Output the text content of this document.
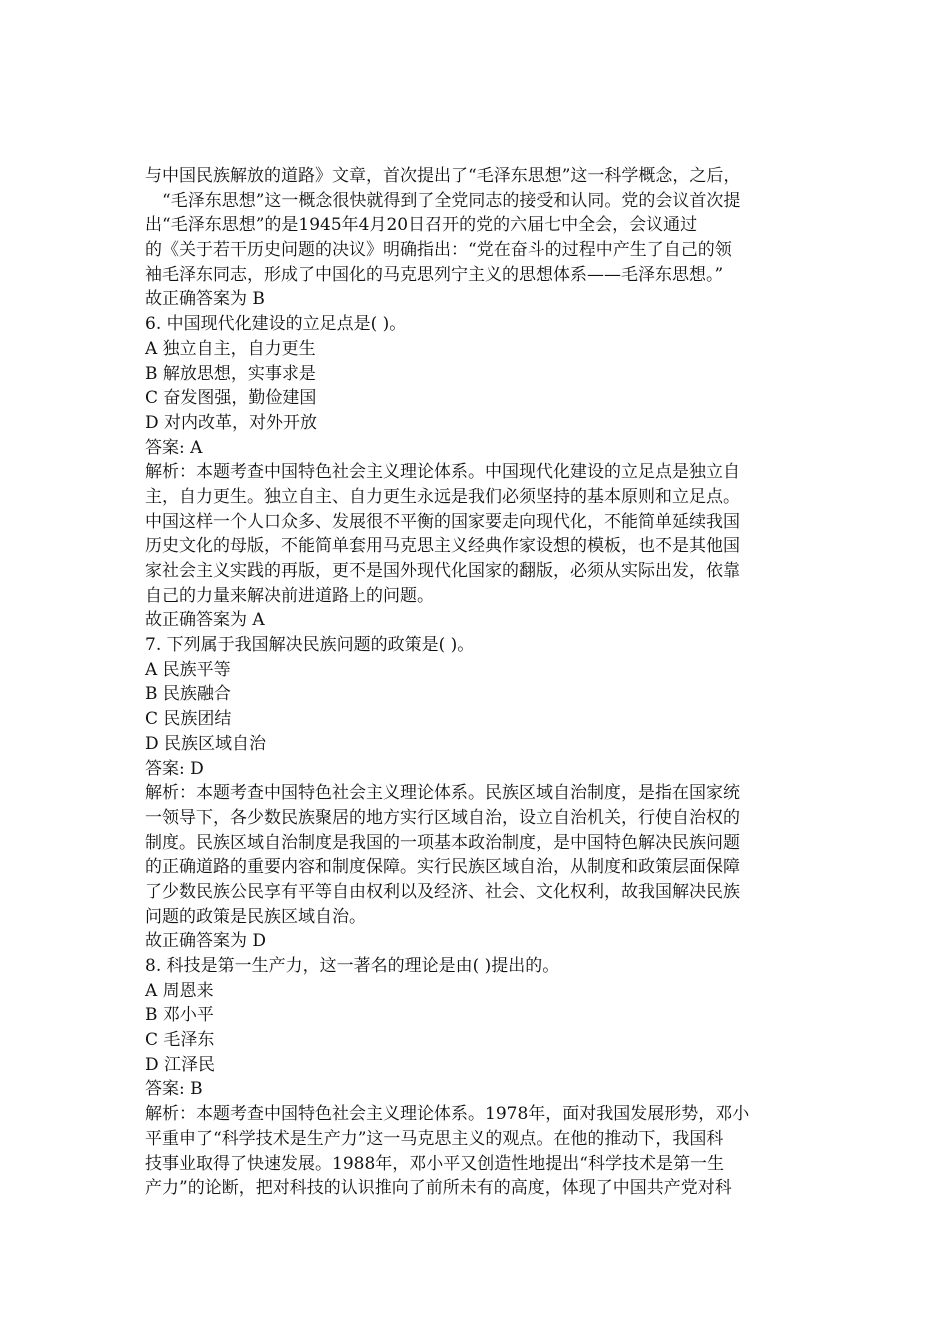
与中国民族解放的道路》文章，首次提出了“毛泽东思想”这一科学概念，之后，
“毛泽东思想”这一概念很快就得到了全党同志的接受和认同。党的会议首次提
出“毛泽东思想”的是1945年4月20日召开的党的六届七中全会，会议通过
的《关于若干历史问题的决议》明确指出：“党在奋斗的过程中产生了自己的领
袖毛泽东同志，形成了中国化的马克思列宁主义的思想体系——毛泽东思想。”
故正确答案为 B
6. 中国现代化建设的立足点是( )。
A 独立自主，自力更生
B 解放思想，实事求是
C 奋发图强，勤俭建国
D 对内改革，对外开放
答案: A
解析：本题考查中国特色社会主义理论体系。中国现代化建设的立足点是独立自
主，自力更生。独立自主、自力更生永远是我们必须坚持的基本原则和立足点。
中国这样一个人口众多、发展很不平衡的国家要走向现代化，不能简单延续我国
历史文化的母版，不能简单套用马克思主义经典作家设想的模板，也不是其他国
家社会主义实践的再版，更不是国外现代化国家的翻版，必须从实际出发，依靠
自己的力量来解决前进道路上的问题。
故正确答案为 A
7. 下列属于我国解决民族问题的政策是( )。
A 民族平等
B 民族融合
C 民族团结
D 民族区域自治
答案: D
解析：本题考查中国特色社会主义理论体系。民族区域自治制度，是指在国家统
一领导下，各少数民族聚居的地方实行区域自治，设立自治机关，行使自治权的
制度。民族区域自治制度是我国的一项基本政治制度，是中国特色解决民族问题
的正确道路的重要内容和制度保障。实行民族区域自治，从制度和政策层面保障
了少数民族公民享有平等自由权利以及经济、社会、文化权利，故我国解决民族
问题的政策是民族区域自治。
故正确答案为 D
8. 科技是第一生产力，这一著名的理论是由( )提出的。
A 周恩来
B 邓小平
C 毛泽东
D 江泽民
答案: B
解析：本题考查中国特色社会主义理论体系。1978年，面对我国发展形势，邓小
平重申了“科学技术是生产力”这一马克思主义的观点。在他的推动下，我国科
技事业取得了快速发展。1988年，邓小平又创造性地提出“科学技术是第一生
产力”的论断，把对科技的认识推向了前所未有的高度，体现了中国共产党对科
